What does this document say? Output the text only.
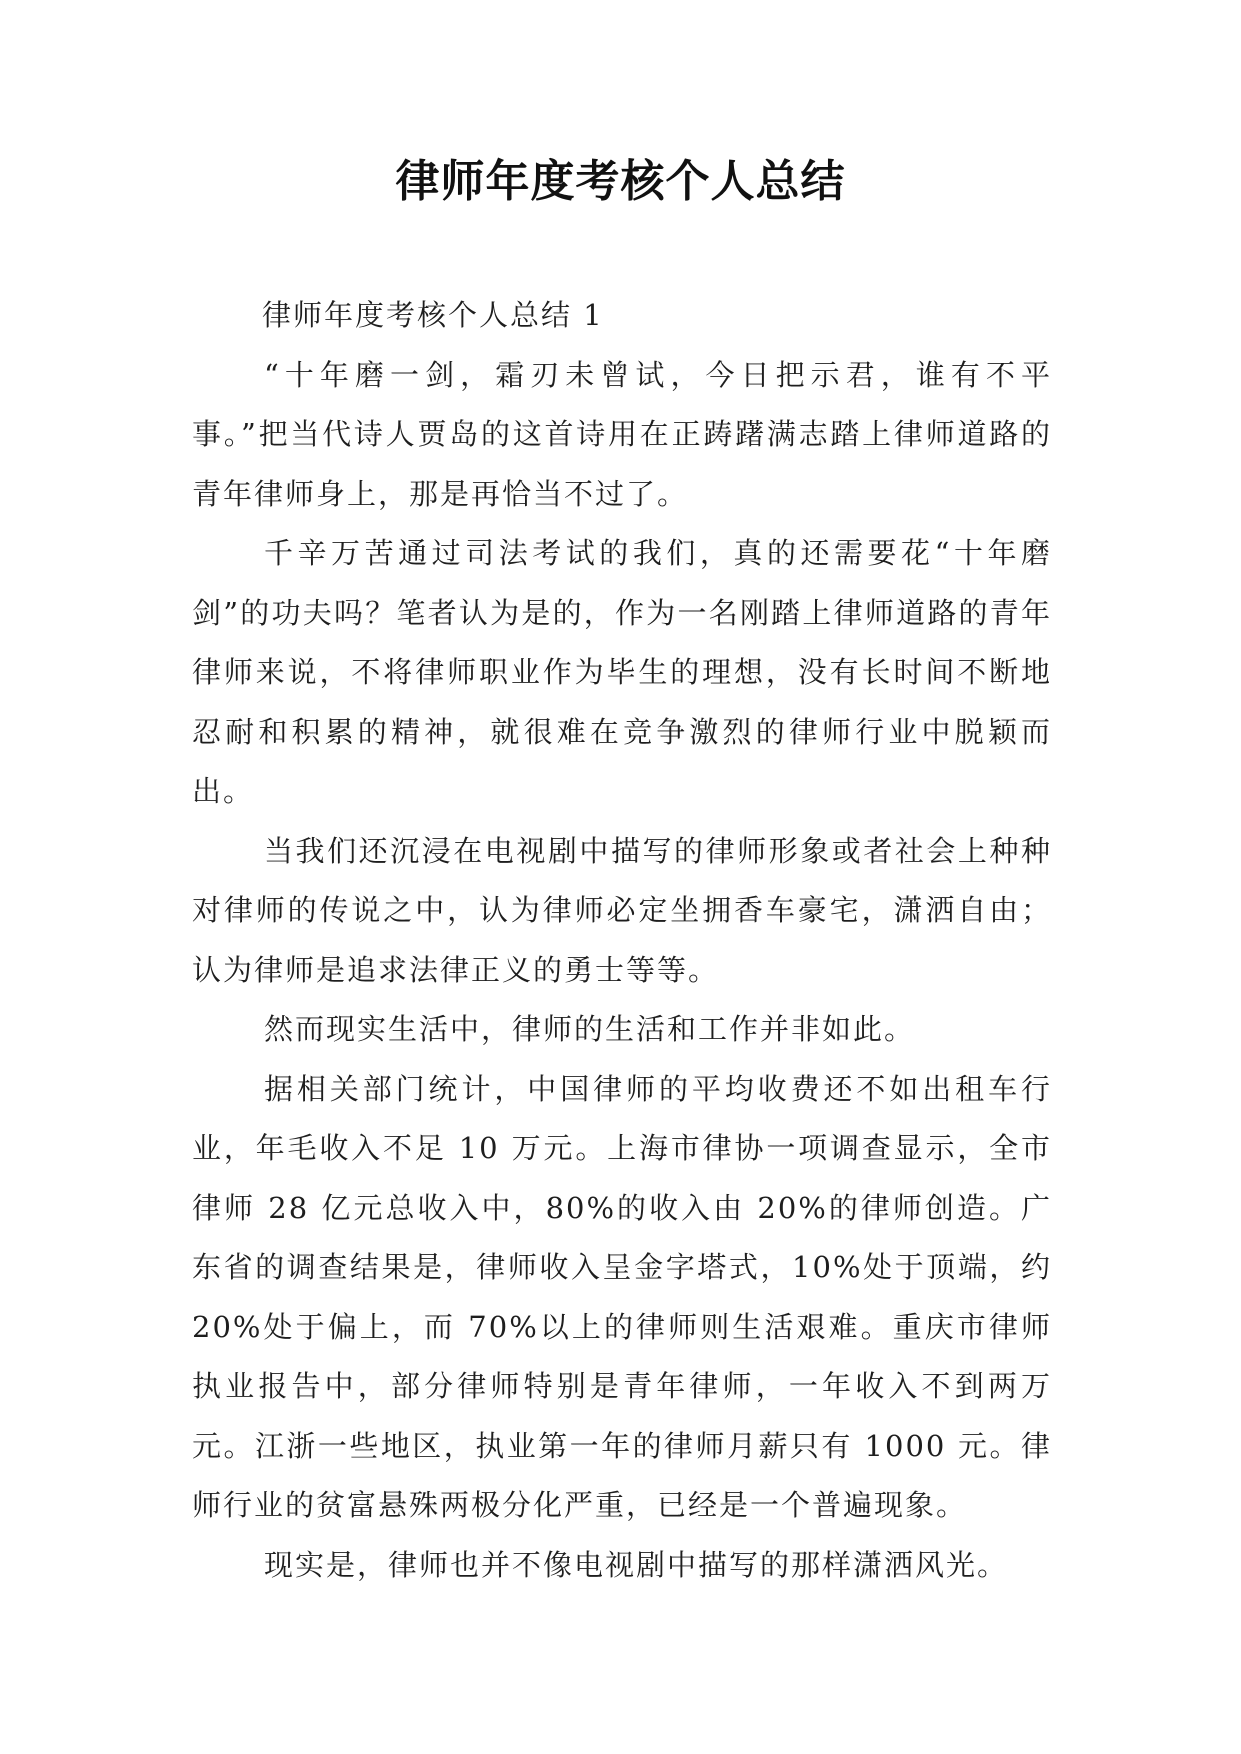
律师年度考核个人总结

律师年度考核个人总结 1

“十年磨一剑，霜刃未曾试，今日把示君，谁有不平事。”把当代诗人贾岛的这首诗用在正踌躇满志踏上律师道路的青年律师身上，那是再恰当不过了。

千辛万苦通过司法考试的我们，真的还需要花“十年磨剑”的功夫吗？笔者认为是的，作为一名刚踏上律师道路的青年律师来说，不将律师职业作为毕生的理想，没有长时间不断地忍耐和积累的精神，就很难在竞争激烈的律师行业中脱颖而出。

当我们还沉浸在电视剧中描写的律师形象或者社会上种种对律师的传说之中，认为律师必定坐拥香车豪宅，潇洒自由；认为律师是追求法律正义的勇士等等。

然而现实生活中，律师的生活和工作并非如此。

据相关部门统计，中国律师的平均收费还不如出租车行业，年毛收入不足 10 万元。上海市律协一项调查显示，全市律师 28 亿元总收入中，80%的收入由 20%的律师创造。广东省的调查结果是，律师收入呈金字塔式，10%处于顶端，约 20%处于偏上，而 70%以上的律师则生活艰难。重庆市律师执业报告中，部分律师特别是青年律师，一年收入不到两万元。江浙一些地区，执业第一年的律师月薪只有 1000 元。律师行业的贫富悬殊两极分化严重，已经是一个普遍现象。

现实是，律师也并不像电视剧中描写的那样潇洒风光。
